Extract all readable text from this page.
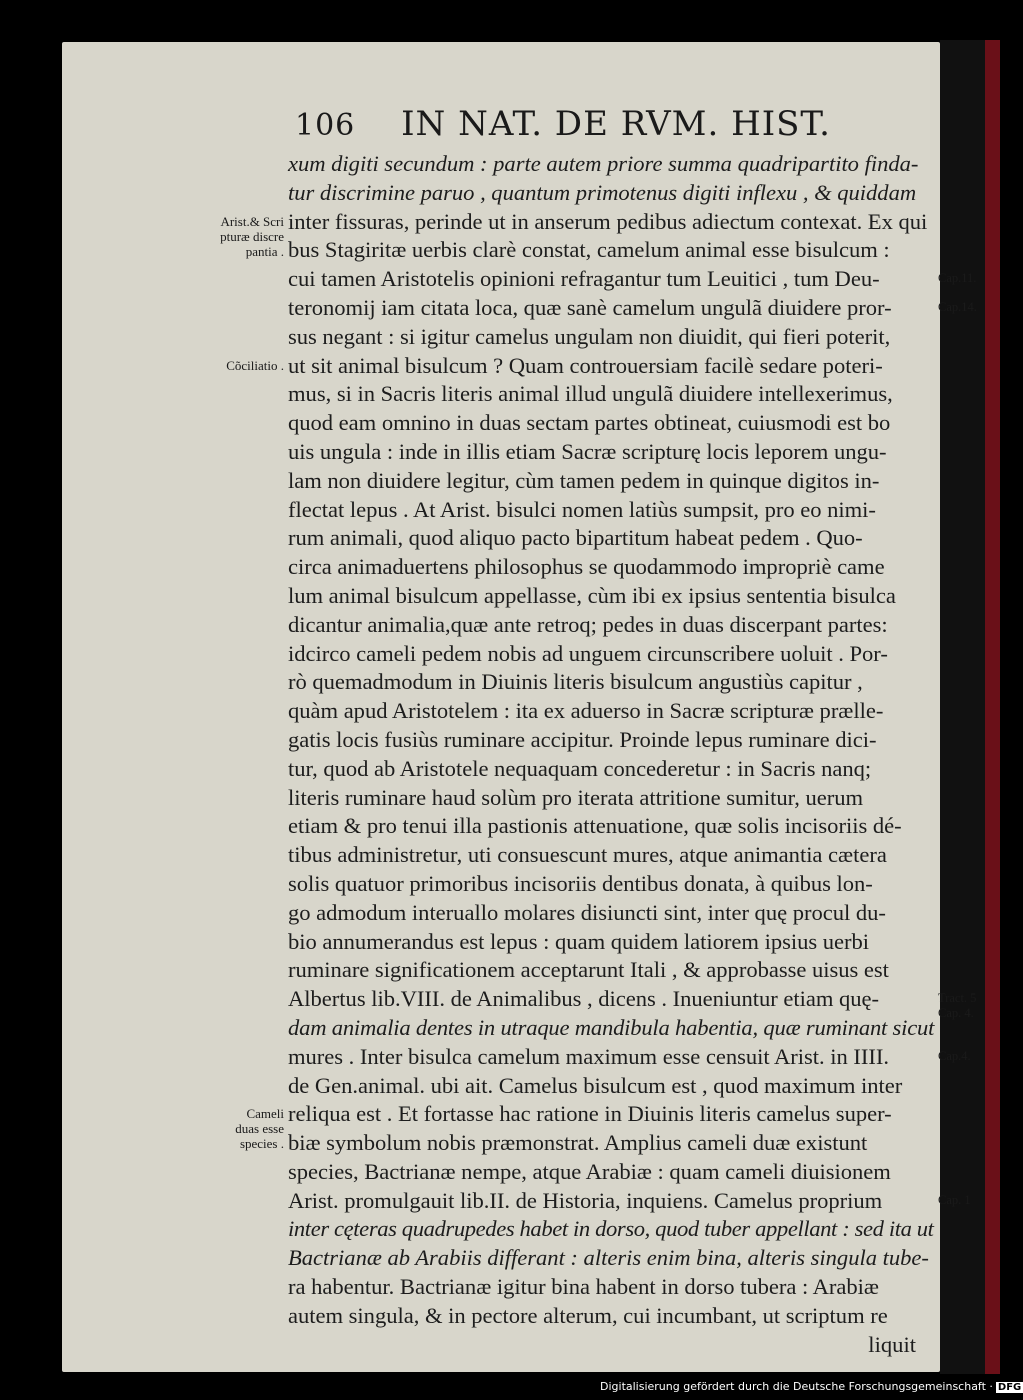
106 IN NAT. DE RVM. HIST.
xum digiti secundum : parte autem priore summa quadripartito finda-
tur discrimine paruo , quantum primotenus digiti inflexu , & quiddam
inter fissuras, perinde ut in anserum pedibus adiectum contexat. Ex qui
bus Stagiritæ uerbis clarè constat, camelum animal esse bisulcum :
cui tamen Aristotelis opinioni refragantur tum Leuitici , tum Deu-
teronomij iam citata loca, quæ sanè camelum ungulã diuidere pror-
sus negant : si igitur camelus ungulam non diuidit, qui fieri poterit,
ut sit animal bisulcum ? Quam controuersiam facilè sedare poteri-
mus, si in Sacris literis animal illud ungulã diuidere intellexerimus,
quod eam omnino in duas sectam partes obtineat, cuiusmodi est bo
uis ungula : inde in illis etiam Sacræ scripturę locis leporem ungu-
lam non diuidere legitur, cùm tamen pedem in quinque digitos in-
flectat lepus . At Arist. bisulci nomen latiùs sumpsit, pro eo nimi-
rum animali, quod aliquo pacto bipartitum habeat pedem . Quo-
circa animaduertens philosophus se quodammodo impropriè came
lum animal bisulcum appellasse, cùm ibi ex ipsius sententia bisulca
dicantur animalia,quæ ante retroq; pedes in duas discerpant partes:
idcirco cameli pedem nobis ad unguem circunscribere uoluit . Por-
rò quemadmodum in Diuinis literis bisulcum angustiùs capitur ,
quàm apud Aristotelem : ita ex aduerso in Sacræ scripturæ prælle-
gatis locis fusiùs ruminare accipitur. Proinde lepus ruminare dici-
tur, quod ab Aristotele nequaquam concederetur : in Sacris nanq;
literis ruminare haud solùm pro iterata attritione sumitur, uerum
etiam & pro tenui illa pastionis attenuatione, quæ solis incisoriis dé-
tibus administretur, uti consuescunt mures, atque animantia cætera
solis quatuor primoribus incisoriis dentibus donata, à quibus lon-
go admodum interuallo molares disiuncti sint, inter quę procul du-
bio annumerandus est lepus : quam quidem latiorem ipsius uerbi
ruminare significationem acceptarunt Itali , & approbasse uisus est
Albertus lib.VIII. de Animalibus , dicens . Inueniuntur etiam quę-
dam animalia dentes in utraque mandibula habentia, quæ ruminant sicut
mures . Inter bisulca camelum maximum esse censuit Arist. in IIII.
de Gen.animal. ubi ait. Camelus bisulcum est , quod maximum inter
reliqua est . Et fortasse hac ratione in Diuinis literis camelus super-
biæ symbolum nobis præmonstrat. Amplius cameli duæ existunt
species, Bactrianæ nempe, atque Arabiæ : quam cameli diuisionem
Arist. promulgauit lib.II. de Historia, inquiens. Camelus proprium
inter cęteras quadrupedes habet in dorso, quod tuber appellant : sed ita ut
Bactrianæ ab Arabiis differant : alteris enim bina, alteris singula tube-
ra habentur. Bactrianæ igitur bina habent in dorso tubera : Arabiæ
autem singula, & in pectore alterum, cui incumbant, ut scriptum re
liquit
Arist.& Scri
pturæ discre
pantia .
Cõciliatio .
Cameli
duas esse
species .
Cap.11.
Cap.14.
Tract. 5
Cap. 4.
Cap.4.
Cap. 1
Digitalisierung gefördert durch die Deutsche Forschungsgemeinschaft · DFG
